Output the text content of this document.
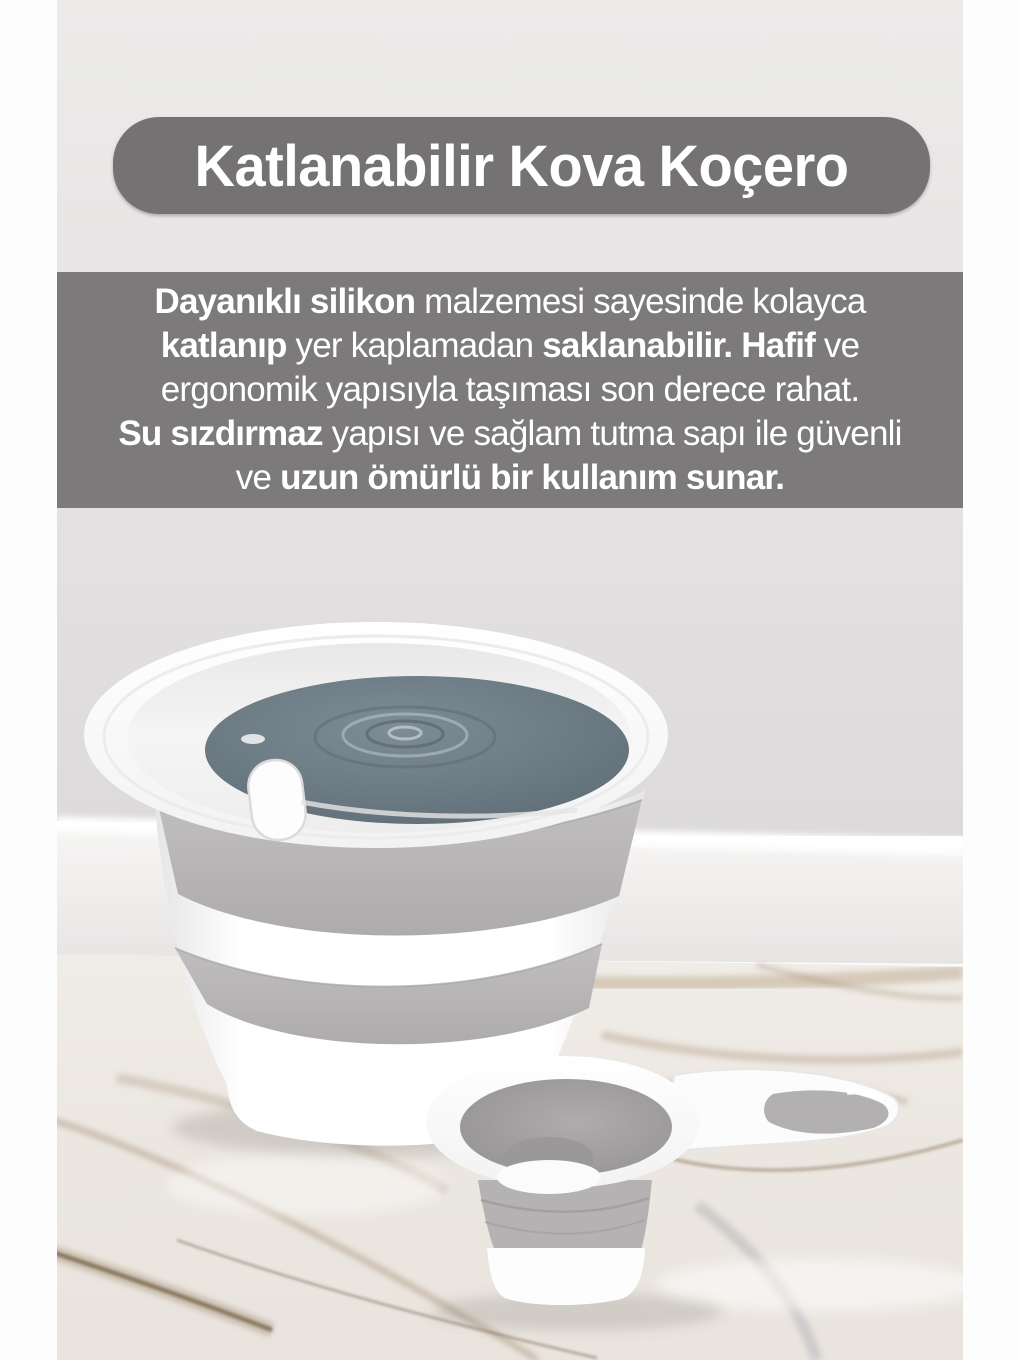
Katlanabilir Kova Koçero
Dayanıklı silikon malzemesi sayesinde kolayca
katlanıp yer kaplamadan saklanabilir. Hafif ve
ergonomik yapısıyla taşıması son derece rahat.
Su sızdırmaz yapısı ve sağlam tutma sapı ile güvenli
ve uzun ömürlü bir kullanım sunar.
